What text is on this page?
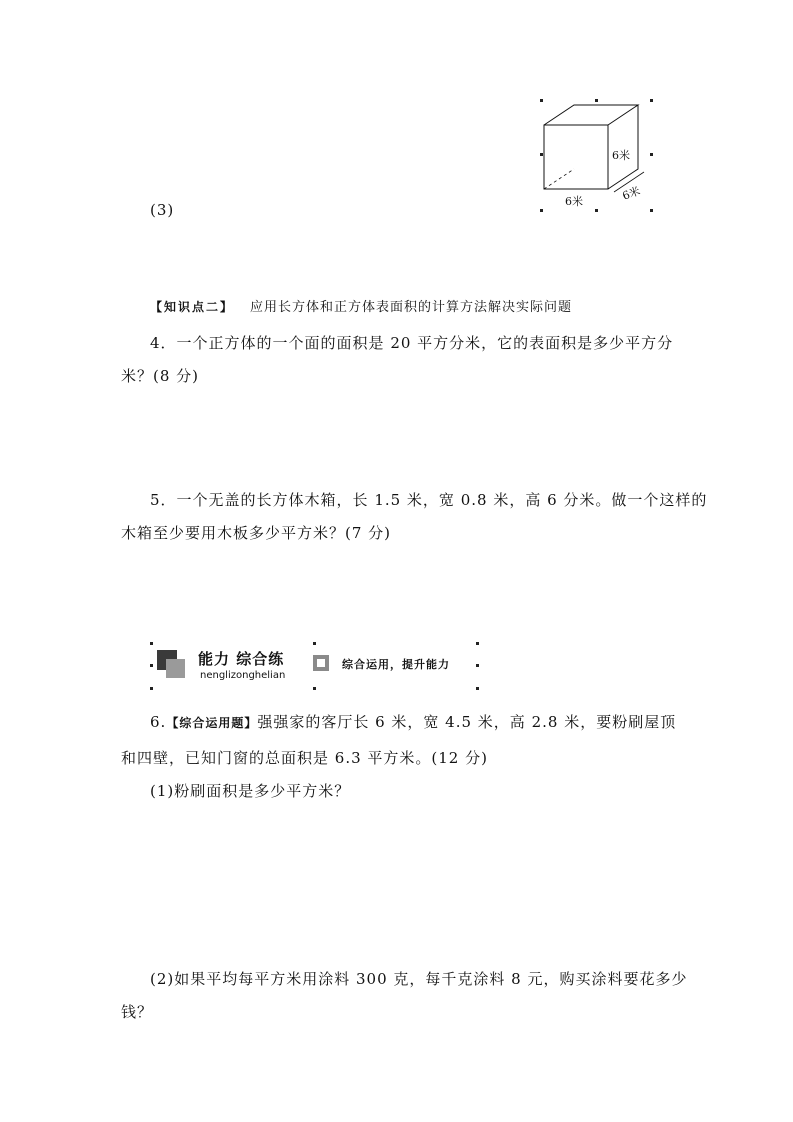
(3)
6米
6米
6米
【知识点二】 应用长方体和正方体表面积的计算方法解决实际问题
4．一个正方体的一个面的面积是 20 平方分米，它的表面积是多少平方分
米？(8 分)
5．一个无盖的长方体木箱，长 1.5 米，宽 0.8 米，高 6 分米。做一个这样的
木箱至少要用木板多少平方米？(7 分)
能力 综合练
nenglizonghelian
综合运用，提升能力
6.【综合运用题】强强家的客厅长 6 米，宽 4.5 米，高 2.8 米，要粉刷屋顶
和四壁，已知门窗的总面积是 6.3 平方米。(12 分)
(1)粉刷面积是多少平方米？
(2)如果平均每平方米用涂料 300 克，每千克涂料 8 元，购买涂料要花多少
钱？
